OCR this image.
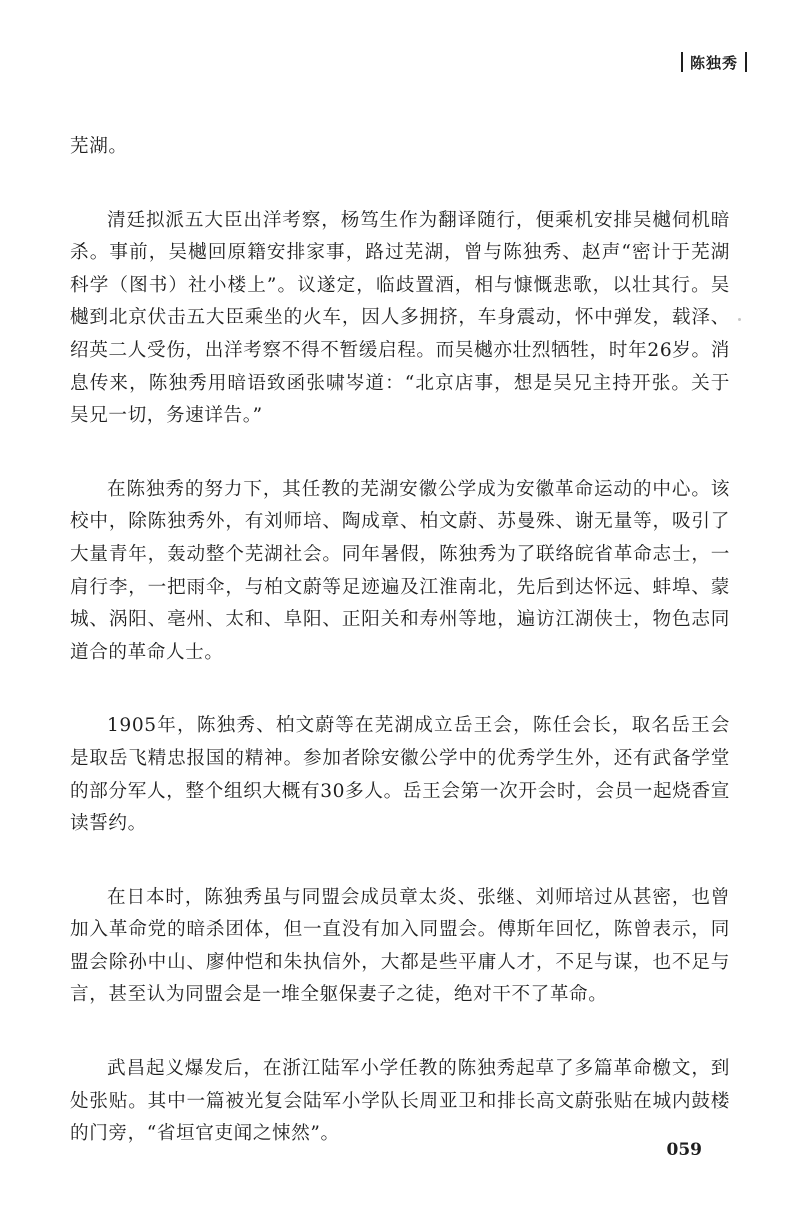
陈独秀

芜湖。

清廷拟派五大臣出洋考察，杨笃生作为翻译随行，便乘机安排吴樾伺机暗杀。事前，吴樾回原籍安排家事，路过芜湖，曾与陈独秀、赵声“密计于芜湖科学（图书）社小楼上”。议遂定，临歧置酒，相与慷慨悲歌，以壮其行。吴樾到北京伏击五大臣乘坐的火车，因人多拥挤，车身震动，怀中弹发，载泽、绍英二人受伤，出洋考察不得不暂缓启程。而吴樾亦壮烈牺牲，时年26岁。消息传来，陈独秀用暗语致函张啸岑道：“北京店事，想是吴兄主持开张。关于吴兄一切，务速详告。”

在陈独秀的努力下，其任教的芜湖安徽公学成为安徽革命运动的中心。该校中，除陈独秀外，有刘师培、陶成章、柏文蔚、苏曼殊、谢无量等，吸引了大量青年，轰动整个芜湖社会。同年暑假，陈独秀为了联络皖省革命志士，一肩行李，一把雨伞，与柏文蔚等足迹遍及江淮南北，先后到达怀远、蚌埠、蒙城、涡阳、亳州、太和、阜阳、正阳关和寿州等地，遍访江湖侠士，物色志同道合的革命人士。

1905年，陈独秀、柏文蔚等在芜湖成立岳王会，陈任会长，取名岳王会是取岳飞精忠报国的精神。参加者除安徽公学中的优秀学生外，还有武备学堂的部分军人，整个组织大概有30多人。岳王会第一次开会时，会员一起烧香宣读誓约。

在日本时，陈独秀虽与同盟会成员章太炎、张继、刘师培过从甚密，也曾加入革命党的暗杀团体，但一直没有加入同盟会。傅斯年回忆，陈曾表示，同盟会除孙中山、廖仲恺和朱执信外，大都是些平庸人才，不足与谋，也不足与言，甚至认为同盟会是一堆全躯保妻子之徒，绝对干不了革命。

武昌起义爆发后，在浙江陆军小学任教的陈独秀起草了多篇革命檄文，到处张贴。其中一篇被光复会陆军小学队长周亚卫和排长高文蔚张贴在城内鼓楼的门旁，“省垣官吏闻之悚然”。

059
